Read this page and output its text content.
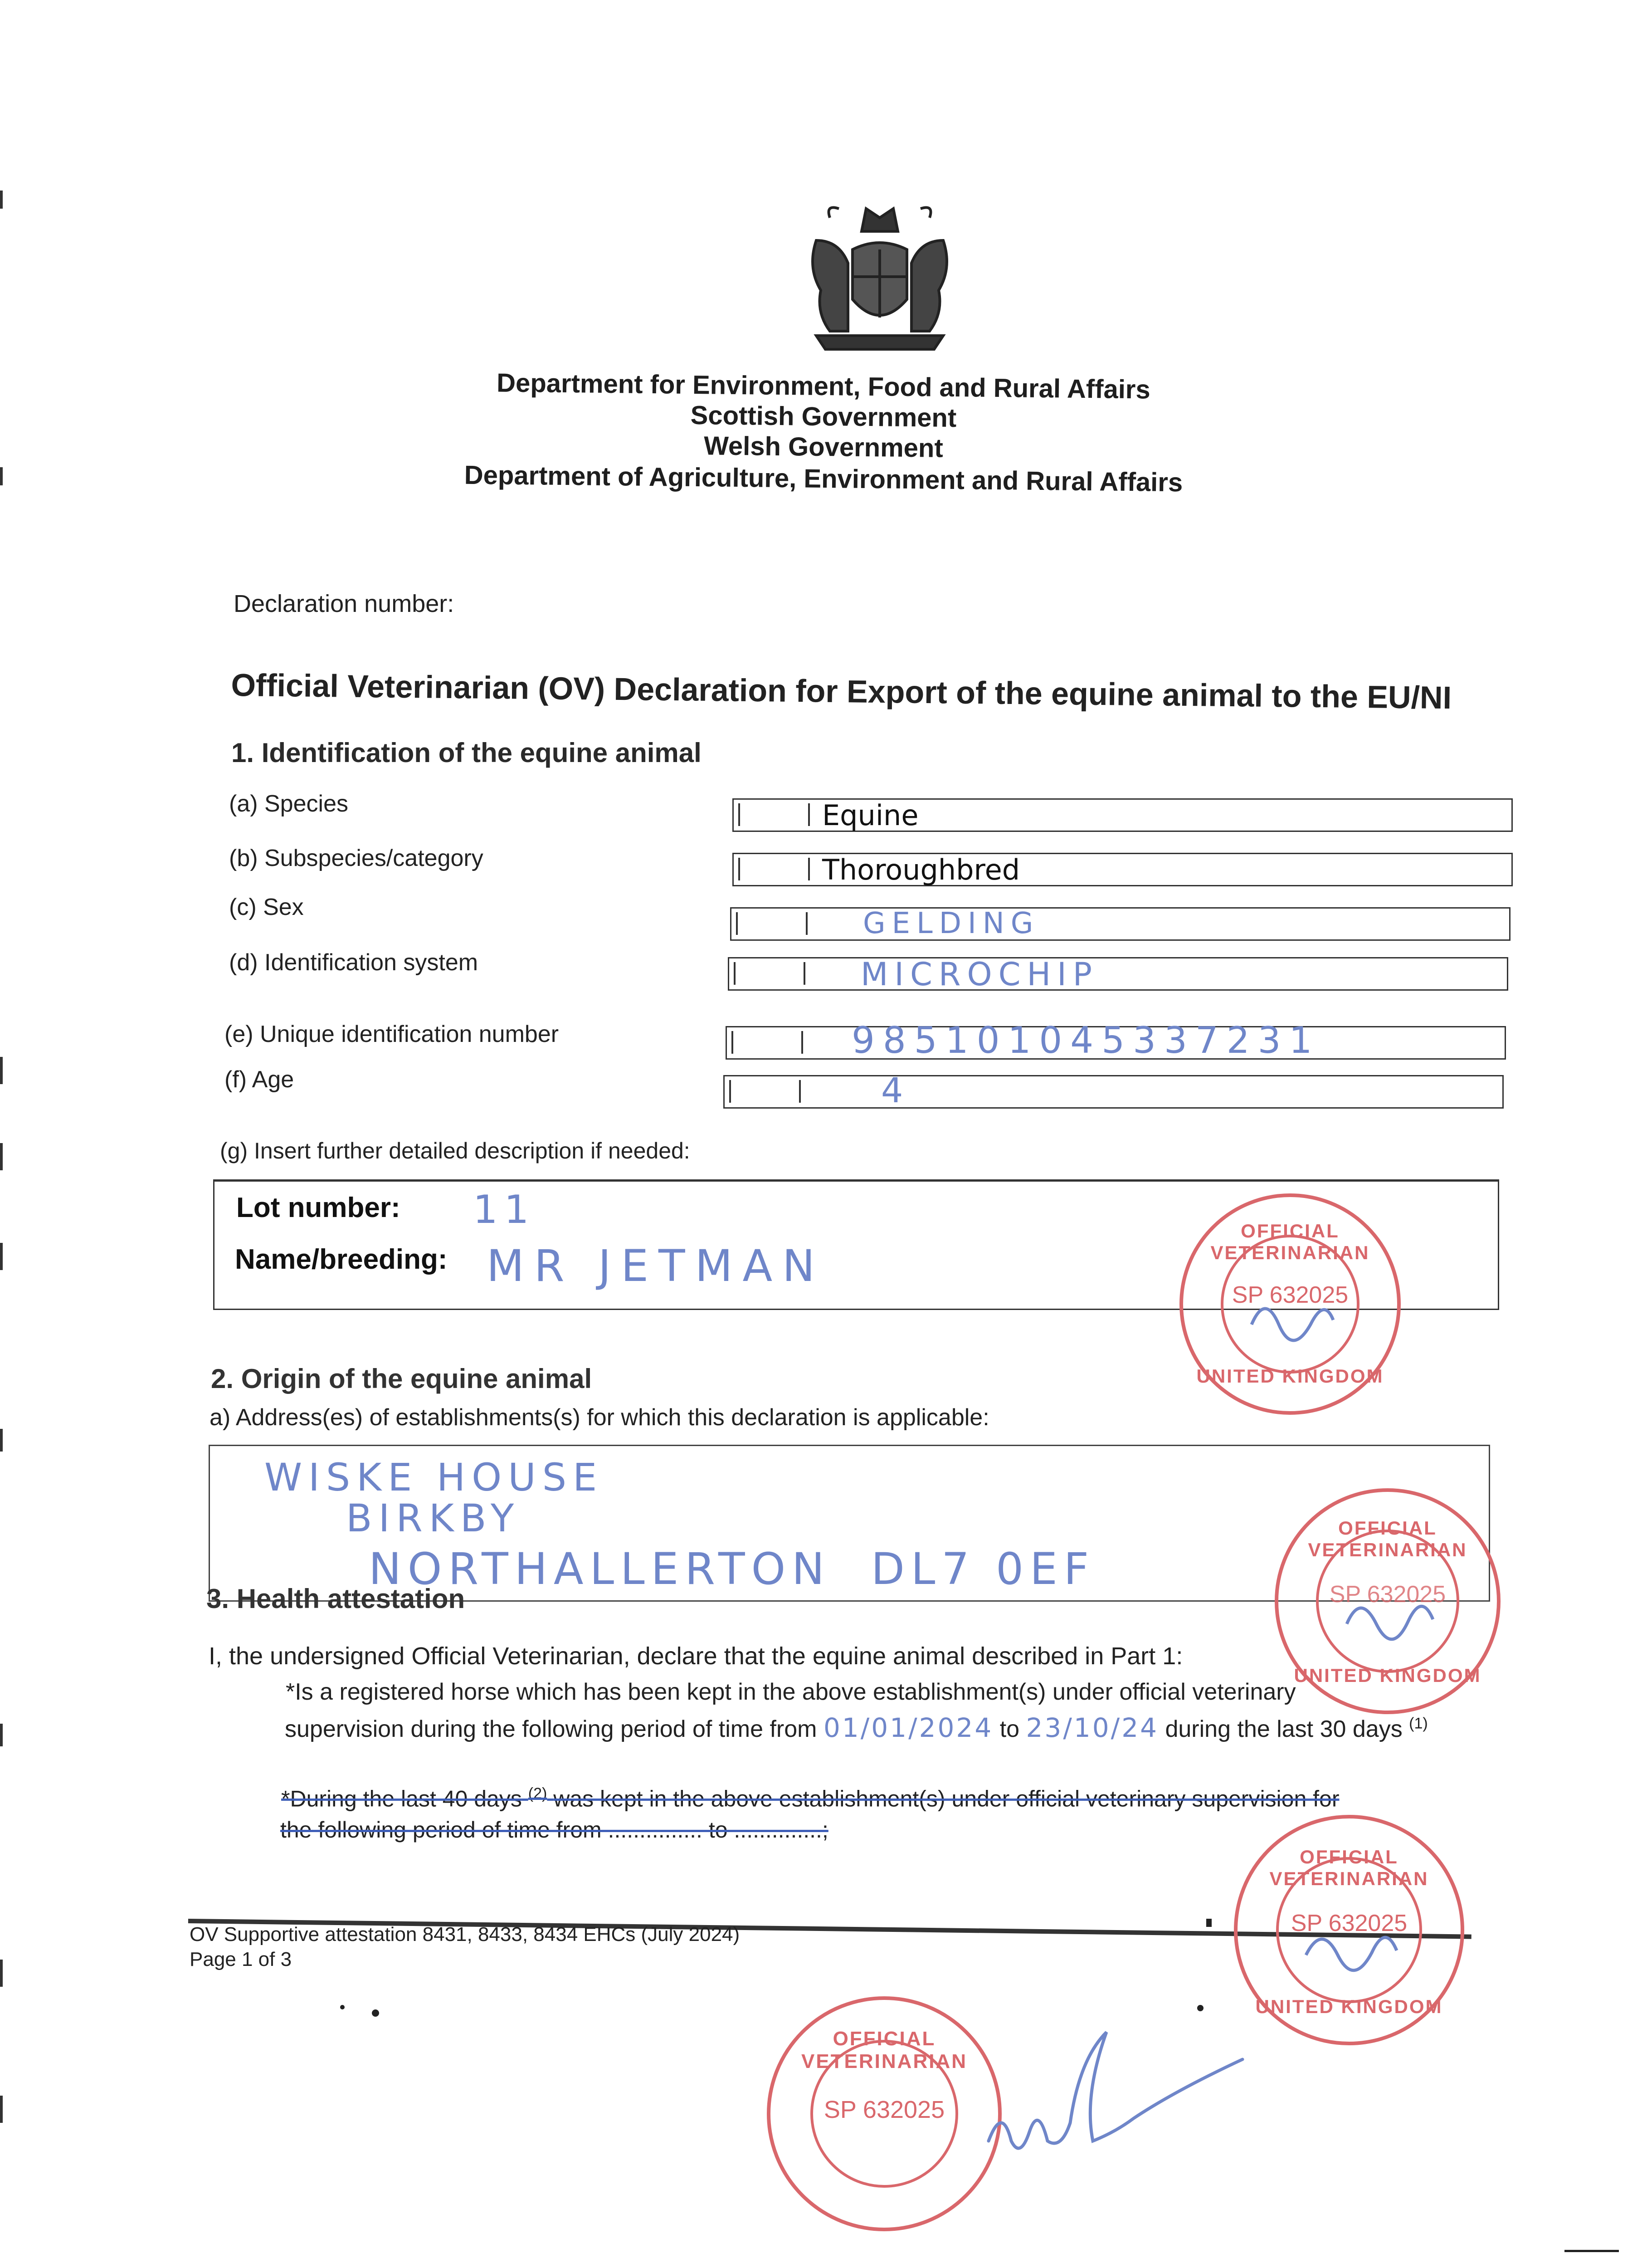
Department for Environment, Food and Rural Affairs
Scottish Government
Welsh Government
Department of Agriculture, Environment and Rural Affairs
Declaration number:
Official Veterinarian (OV) Declaration for Export of the equine animal to the EU/NI
1. Identification of the equine animal
(a) Species
(b) Subspecies/category
(c) Sex
(d) Identification system
(e) Unique identification number
(f) Age
Equine
Thoroughbred
GELDING
MICROCHIP
985101045337231
4
(g) Insert further detailed description if needed:
Lot number: 11
Name/breeding: MR JETMAN
2. Origin of the equine animal
a) Address(es) of establishments(s) for which this declaration is applicable:
WISKE HOUSE
BIRKBY
NORTHALLERTON  DL7 0EF
3. Health attestation
I, the undersigned Official Veterinarian, declare that the equine animal described in Part 1:
*Is a registered horse which has been kept in the above establishment(s) under official veterinary
supervision during the following period of time from 01/01/2024 to 23/10/24 during the last 30 days $^{(1)}$
*During the last 40 days $^{(2)}$ was kept in the above establishment(s) under official veterinary supervision for
the following period of time from ............... to ..............;
OV Supportive attestation 8431, 8433, 8434 EHCs (July 2024)
Page 1 of 3
SP 632025
OFFICIAL VETERINARIAN
UNITED KINGDOM
SP 632025
OFFICIAL VETERINARIAN
UNITED KINGDOM
SP 632025
OFFICIAL VETERINARIAN
UNITED KINGDOM
SP 632025
OFFICIAL VETERINARIAN
